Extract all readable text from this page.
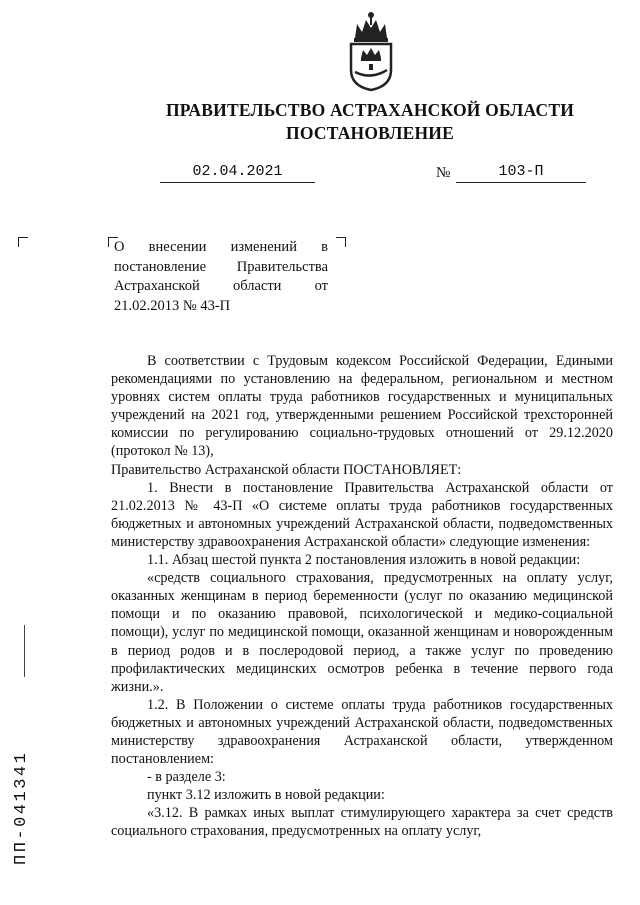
ПРАВИТЕЛЬСТВО АСТРАХАНСКОЙ ОБЛАСТИ
ПОСТАНОВЛЕНИЕ
02.04.2021	№	103-П
О внесении изменений в
постановление Правительства
Астраханской области от
21.02.2013 № 43-П

В соответствии с Трудовым кодексом Российской Федерации, Едиными рекомендациями по установлению на федеральном, региональном и местном уровнях систем оплаты труда работников государственных и муниципальных учреждений на 2021 год, утвержденными решением Российской трехсторонней комиссии по регулированию социально-трудовых отношений от 29.12.2020 (протокол № 13),

Правительство Астраханской области ПОСТАНОВЛЯЕТ:

1. Внести в постановление Правительства Астраханской области от 21.02.2013 № 43-П «О системе оплаты труда работников государственных бюджетных и автономных учреждений Астраханской области, подведомственных министерству здравоохранения Астраханской области» следующие изменения:

1.1. Абзац шестой пункта 2 постановления изложить в новой редакции:

«средств социального страхования, предусмотренных на оплату услуг, оказанных женщинам в период беременности (услуг по оказанию медицинской помощи и по оказанию правовой, психологической и медико-социальной помощи), услуг по медицинской помощи, оказанной женщинам и новорожденным в период родов и в послеродовой период, а также услуг по проведению профилактических медицинских осмотров ребенка в течение первого года жизни.».

1.2. В Положении о системе оплаты труда работников государственных бюджетных и автономных учреждений Астраханской области, подведомственных министерству здравоохранения Астраханской области, утвержденном постановлением:

- в разделе 3:

пункт 3.12 изложить в новой редакции:

«3.12. В рамках иных выплат стимулирующего характера за счет средств социального страхования, предусмотренных на оплату услуг,

ПП-041341
